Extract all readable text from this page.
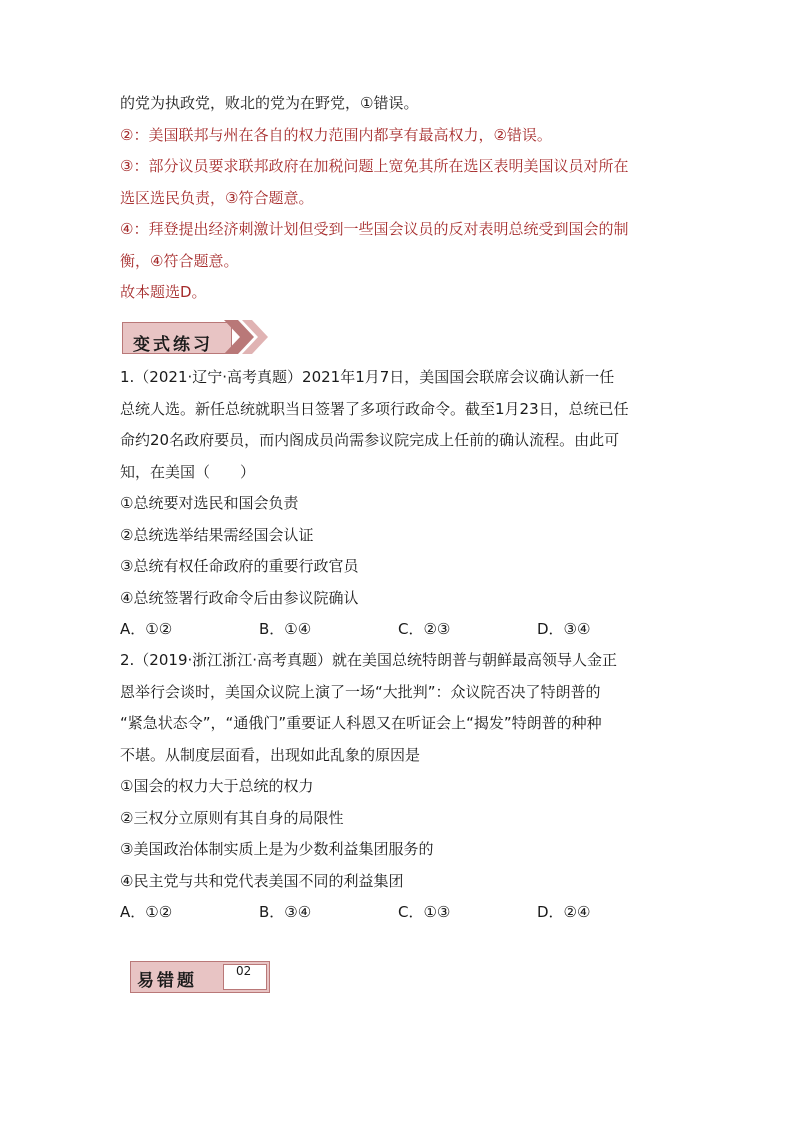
的党为执政党，败北的党为在野党，①错误。
②：美国联邦与州在各自的权力范围内都享有最高权力，②错误。
③：部分议员要求联邦政府在加税问题上宽免其所在选区表明美国议员对所在
选区选民负责，③符合题意。
④：拜登提出经济刺激计划但受到一些国会议员的反对表明总统受到国会的制
衡，④符合题意。
故本题选D。
变式练习
1.（2021·辽宁·高考真题）2021年1月7日，美国国会联席会议确认新一任
总统人选。新任总统就职当日签署了多项行政命令。截至1月23日，总统已任
命约20名政府要员，而内阁成员尚需参议院完成上任前的确认流程。由此可
知，在美国（　　）
①总统要对选民和国会负责
②总统选举结果需经国会认证
③总统有权任命政府的重要行政官员
④总统签署行政命令后由参议院确认
A．①②	B．①④	C．②③	D．③④
2.（2019·浙江浙江·高考真题）就在美国总统特朗普与朝鲜最高领导人金正
恩举行会谈时，美国众议院上演了一场“大批判”：众议院否决了特朗普的
“紧急状态令”，“通俄门”重要证人科恩又在听证会上“揭发”特朗普的种种
不堪。从制度层面看，出现如此乱象的原因是
①国会的权力大于总统的权力
②三权分立原则有其自身的局限性
③美国政治体制实质上是为少数利益集团服务的
④民主党与共和党代表美国不同的利益集团
A．①②	B．③④	C．①③	D．②④
易错题	02
